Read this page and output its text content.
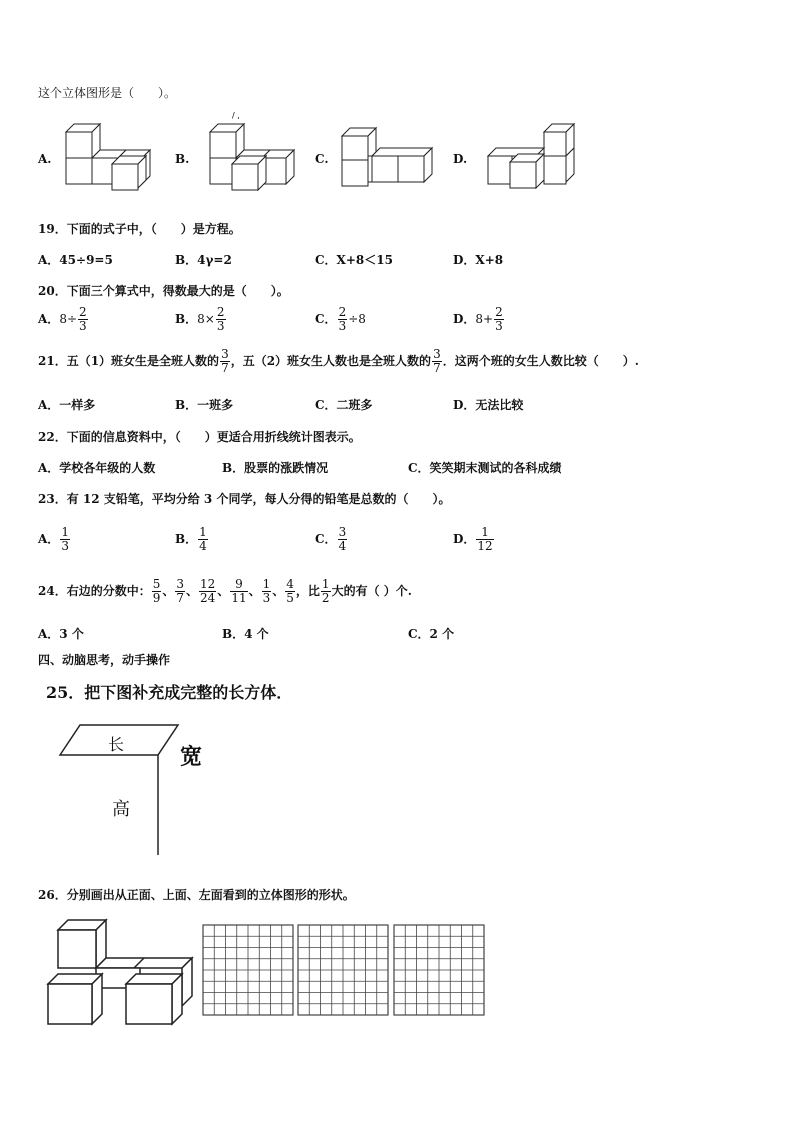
这个立体图形是（　　）。
A.	B.	C.	D.
/ ,
19．下面的式子中，（　　）是方程。
A．45÷9=5	B．4γ=2	C．X+8＜15	D．X+8
20．下面三个算式中，得数最大的是（　　）。
A．$8\div \frac{2}{3}$	B．$8\times \frac{2}{3}$	C． $\frac{2}{3} \div 8$	D．$8+ \frac{2}{3}$
21．五（1）班女生是全班人数的 $\frac{3}{7}$ ，五（2）班女生人数也是全班人数的 $\frac{3}{7}$ ．这两个班的女生人数比较（　　）.
A．一样多	B．一班多	C．二班多	D．无法比较
22．下面的信息资料中，（　　）更适合用折线统计图表示。
A．学校各年级的人数	B．股票的涨跌情况	C．笑笑期末测试的各科成绩
23．有 12 支铅笔，平均分给 3 个同学，每人分得的铅笔是总数的（　　）。
A． $\frac{1}{3}$	B． $\frac{1}{4}$	C． $\frac{3}{4}$	D． $\frac{1}{12}$
24．右边的分数中： $\frac{5}{9}$ 、 $\frac{3}{7}$ 、 $\frac{12}{24}$ 、 $\frac{9}{11}$ 、 $\frac{1}{3}$ 、 $\frac{4}{5}$ ，比 $\frac{1}{2}$ 大的有（ ）个.
A．3 个	B．4 个	C．2 个
四、动脑思考，动手操作
25．把下图补充成完整的长方体．
长	宽
高
26．分别画出从正面、上面、左面看到的立体图形的形状。
